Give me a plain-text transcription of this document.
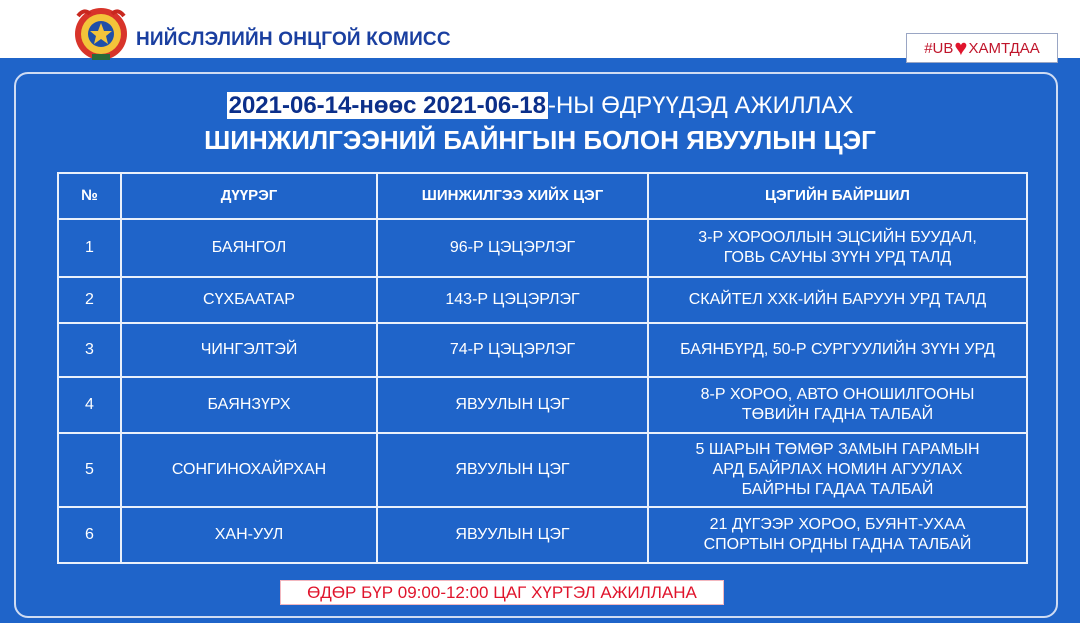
НИЙСЛЭЛИЙН ОНЦГОЙ КОМИСС	#UB ♥ ХАМТДАА
2021-06-14-нөөс 2021-06-18-НЫ ӨДРҮҮДЭД АЖИЛЛАХ
ШИНЖИЛГЭЭНИЙ БАЙНГЫН БОЛОН ЯВУУЛЫН ЦЭГ
№	ДҮҮРЭГ	ШИНЖИЛГЭЭ ХИЙХ ЦЭГ	ЦЭГИЙН БАЙРШИЛ
1	БАЯНГОЛ	96-Р ЦЭЦЭРЛЭГ	3-Р ХОРООЛЛЫН ЭЦСИЙН БУУДАЛ,
ГОВЬ САУНЫ ЗҮҮН УРД ТАЛД

2	СҮХБААТАР	143-Р ЦЭЦЭРЛЭГ	СКАЙТЕЛ ХХК-ИЙН БАРУУН УРД ТАЛД

3	ЧИНГЭЛТЭЙ	74-Р ЦЭЦЭРЛЭГ	БАЯНБҮРД, 50-Р СУРГУУЛИЙН ЗҮҮН УРД

4	БАЯНЗҮРХ	ЯВУУЛЫН ЦЭГ	8-Р ХОРОО, АВТО ОНОШИЛГООНЫ
ТӨВИЙН ГАДНА ТАЛБАЙ

5	СОНГИНОХАЙРХАН	ЯВУУЛЫН ЦЭГ	5 ШАРЫН ТӨМӨР ЗАМЫН ГАРАМЫН
АРД БАЙРЛАХ НОМИН АГУУЛАХ
БАЙРНЫ ГАДАА ТАЛБАЙ

6	ХАН-УУЛ	ЯВУУЛЫН ЦЭГ	21 ДҮГЭЭР ХОРОО, БУЯНТ-УХАА
СПОРТЫН ОРДНЫ ГАДНА ТАЛБАЙ
ӨДӨР БҮР 09:00-12:00 ЦАГ ХҮРТЭЛ АЖИЛЛАНА
